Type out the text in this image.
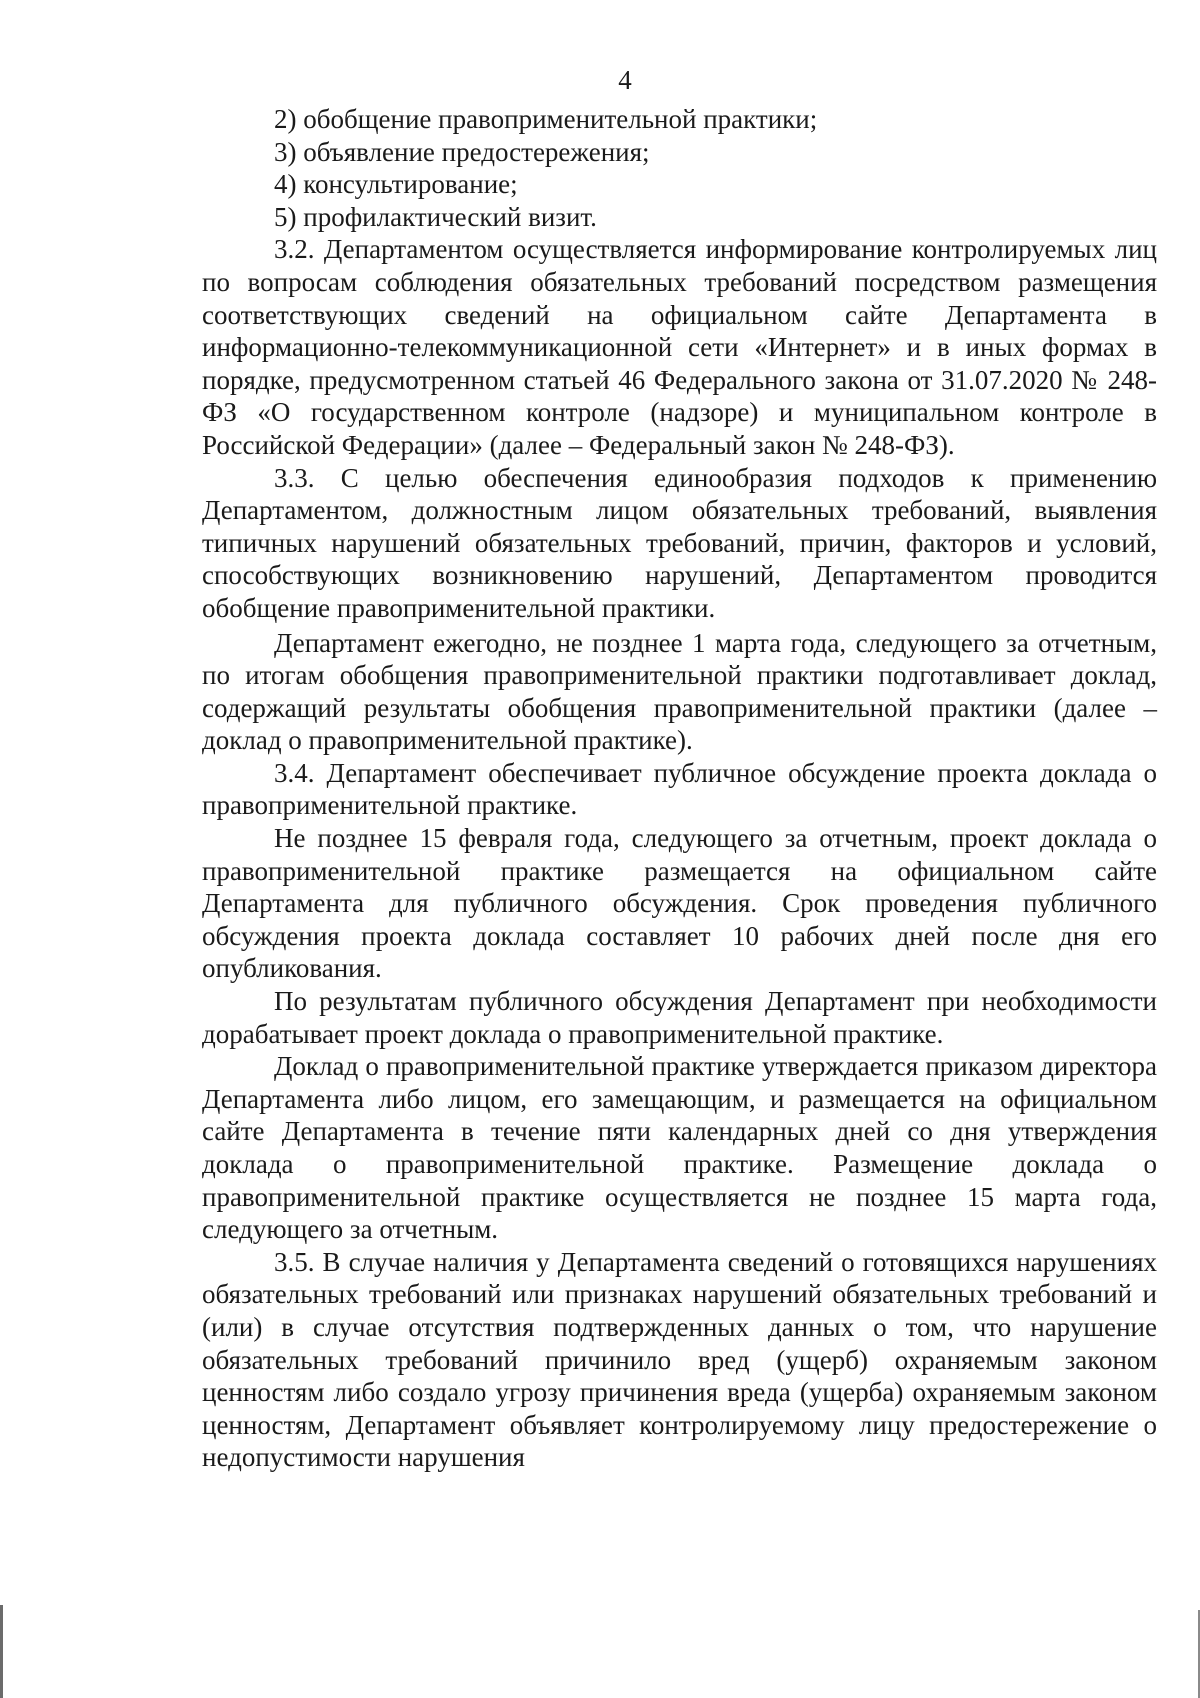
4

2) обобщение правоприменительной практики;

3) объявление предостережения;

4) консультирование;

5) профилактический визит.

3.2. Департаментом осуществляется информирование контролируемых лиц по вопросам соблюдения обязательных требований посредством размещения соответствующих сведений на официальном сайте Департамента в информационно-телекоммуникационной сети «Интернет» и в иных формах в порядке, предусмотренном статьей 46 Федерального закона от 31.07.2020 № 248-ФЗ «О государственном контроле (надзоре) и муниципальном контроле в Российской Федерации» (далее – Федеральный закон № 248-ФЗ).

3.3. С целью обеспечения единообразия подходов к применению Департаментом, должностным лицом обязательных требований, выявления типичных нарушений обязательных требований, причин, факторов и условий, способствующих возникновению нарушений, Департаментом проводится обобщение правоприменительной практики.

Департамент ежегодно, не позднее 1 марта года, следующего за отчетным, по итогам обобщения правоприменительной практики подготавливает доклад, содержащий результаты обобщения правоприменительной практики (далее – доклад о правоприменительной практике).

3.4. Департамент обеспечивает публичное обсуждение проекта доклада о правоприменительной практике.

Не позднее 15 февраля года, следующего за отчетным, проект доклада о правоприменительной практике размещается на официальном сайте Департамента для публичного обсуждения. Срок проведения публичного обсуждения проекта доклада составляет 10 рабочих дней после дня его опубликования.

По результатам публичного обсуждения Департамент при необходимости дорабатывает проект доклада о правоприменительной практике.

Доклад о правоприменительной практике утверждается приказом директора Департамента либо лицом, его замещающим, и размещается на официальном сайте Департамента в течение пяти календарных дней со дня утверждения доклада о правоприменительной практике. Размещение доклада о правоприменительной практике осуществляется не позднее 15 марта года, следующего за отчетным.

3.5. В случае наличия у Департамента сведений о готовящихся нарушениях обязательных требований или признаках нарушений обязательных требований и (или) в случае отсутствия подтвержденных данных о том, что нарушение обязательных требований причинило вред (ущерб) охраняемым законом ценностям либо создало угрозу причинения вреда (ущерба) охраняемым законом ценностям, Департамент объявляет контролируемому лицу предостережение о недопустимости нарушения
